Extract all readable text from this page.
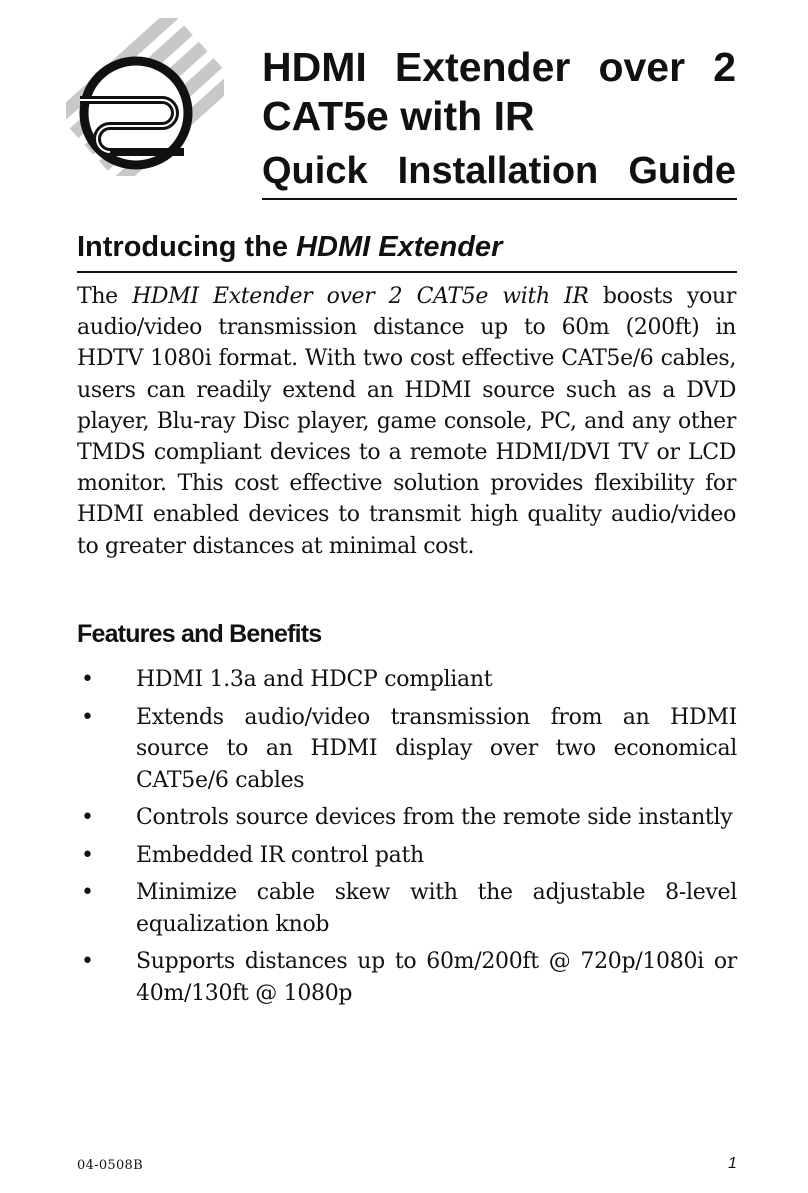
HDMI Extender over 2
CAT5e with IR
Quick Installation Guide
Introducing the HDMI Extender
The HDMI Extender over 2 CAT5e with IR boosts your audio/video transmission distance up to 60m (200ft) in HDTV 1080i format. With two cost effective CAT5e/6 cables, users can readily extend an HDMI source such as a DVD player, Blu-ray Disc player, game console, PC, and any other TMDS compliant devices to a remote HDMI/DVI TV or LCD monitor. This cost effective solution provides flexibility for HDMI enabled devices to transmit high quality audio/video to greater distances at minimal cost.
Features and Benefits
• HDMI 1.3a and HDCP compliant
• Extends audio/video transmission from an HDMI source to an HDMI display over two economical CAT5e/6 cables
• Controls source devices from the remote side instantly
• Embedded IR control path
• Minimize cable skew with the adjustable 8-level equalization knob
• Supports distances up to 60m/200ft @ 720p/1080i or 40m/130ft @ 1080p
04-0508B	1
